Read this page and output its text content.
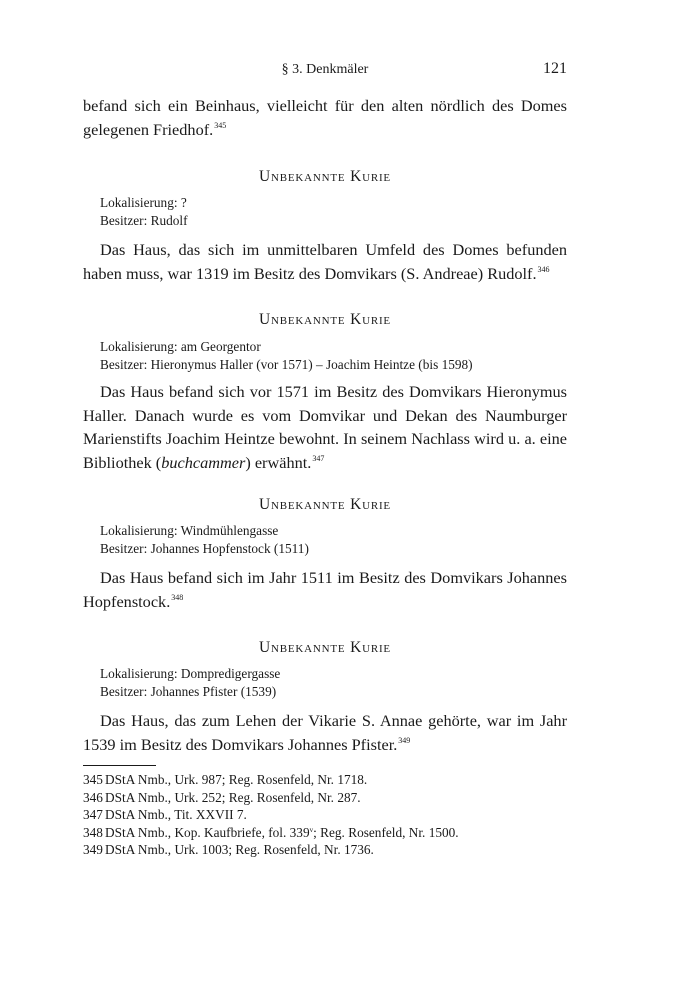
§ 3. Denkmäler	121

befand sich ein Beinhaus, vielleicht für den alten nördlich des Domes gelegenen Friedhof.$^{345}$

Unbekannte Kurie
Lokalisierung: ?
Besitzer: Rudolf

Das Haus, das sich im unmittelbaren Umfeld des Domes befunden haben muss, war 1319 im Besitz des Domvikars (S. Andreae) Rudolf.$^{346}$

Unbekannte Kurie
Lokalisierung: am Georgentor
Besitzer: Hieronymus Haller (vor 1571) – Joachim Heintze (bis 1598)

Das Haus befand sich vor 1571 im Besitz des Domvikars Hieronymus Haller. Danach wurde es vom Domvikar und Dekan des Naumburger Marienstifts Joachim Heintze bewohnt. In seinem Nachlass wird u. a. eine Bibliothek (buchcammer) erwähnt.$^{347}$

Unbekannte Kurie
Lokalisierung: Windmühlengasse
Besitzer: Johannes Hopfenstock (1511)

Das Haus befand sich im Jahr 1511 im Besitz des Domvikars Johannes Hopfenstock.$^{348}$

Unbekannte Kurie
Lokalisierung: Dompredigergasse
Besitzer: Johannes Pfister (1539)

Das Haus, das zum Lehen der Vikarie S. Annae gehörte, war im Jahr 1539 im Besitz des Domvikars Johannes Pfister.$^{349}$

345 DStA Nmb., Urk. 987; Reg. Rosenfeld, Nr. 1718.
346 DStA Nmb., Urk. 252; Reg. Rosenfeld, Nr. 287.
347 DStA Nmb., Tit. XXVII 7.
348 DStA Nmb., Kop. Kaufbriefe, fol. 339$^v$; Reg. Rosenfeld, Nr. 1500.
349 DStA Nmb., Urk. 1003; Reg. Rosenfeld, Nr. 1736.
